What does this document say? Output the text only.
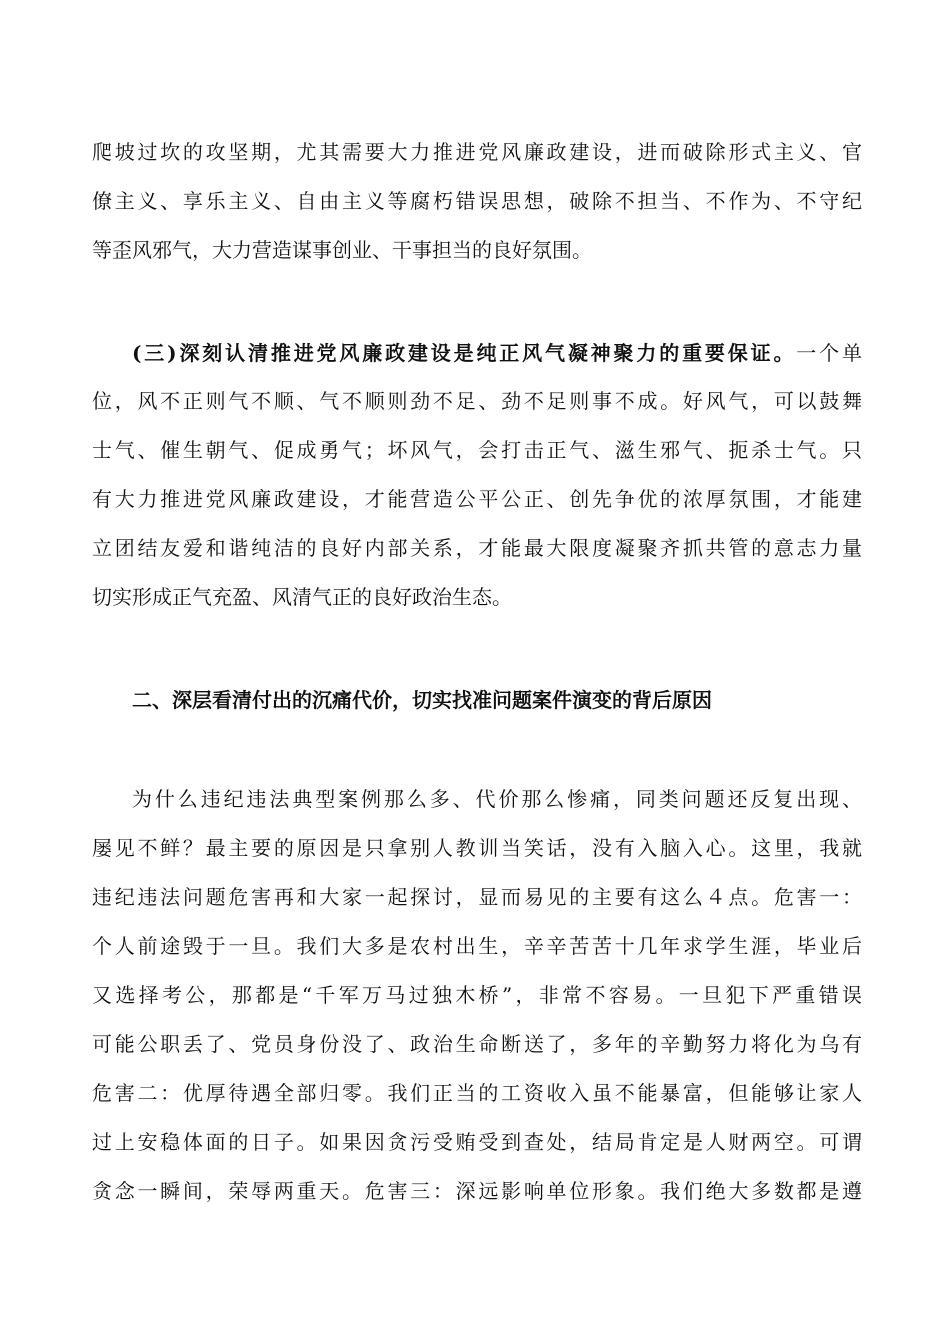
爬坡过坎的攻坚期，尤其需要大力推进党风廉政建设，进而破除形式主义、官
僚主义、享乐主义、自由主义等腐朽错误思想，破除不担当、不作为、不守纪
等歪风邪气，大力营造谋事创业、干事担当的良好氛围。
(三)深刻认清推进党风廉政建设是纯正风气凝神聚力的重要保证。一个单
位，风不正则气不顺、气不顺则劲不足、劲不足则事不成。好风气，可以鼓舞
士气、催生朝气、促成勇气；坏风气，会打击正气、滋生邪气、扼杀士气。只
有大力推进党风廉政建设，才能营造公平公正、创先争优的浓厚氛围，才能建
立团结友爱和谐纯洁的良好内部关系，才能最大限度凝聚齐抓共管的意志力量
切实形成正气充盈、风清气正的良好政治生态。
二、深层看清付出的沉痛代价，切实找准问题案件演变的背后原因
为什么违纪违法典型案例那么多、代价那么惨痛，同类问题还反复出现、
屡见不鲜？最主要的原因是只拿别人教训当笑话，没有入脑入心。这里，我就
违纪违法问题危害再和大家一起探讨，显而易见的主要有这么４点。危害一：
个人前途毁于一旦。我们大多是农村出生，辛辛苦苦十几年求学生涯，毕业后
又选择考公，那都是“千军万马过独木桥”，非常不容易。一旦犯下严重错误
可能公职丢了、党员身份没了、政治生命断送了，多年的辛勤努力将化为乌有
危害二：优厚待遇全部归零。我们正当的工资收入虽不能暴富，但能够让家人
过上安稳体面的日子。如果因贪污受贿受到查处，结局肯定是人财两空。可谓
贪念一瞬间，荣辱两重天。危害三：深远影响单位形象。我们绝大多数都是遵
